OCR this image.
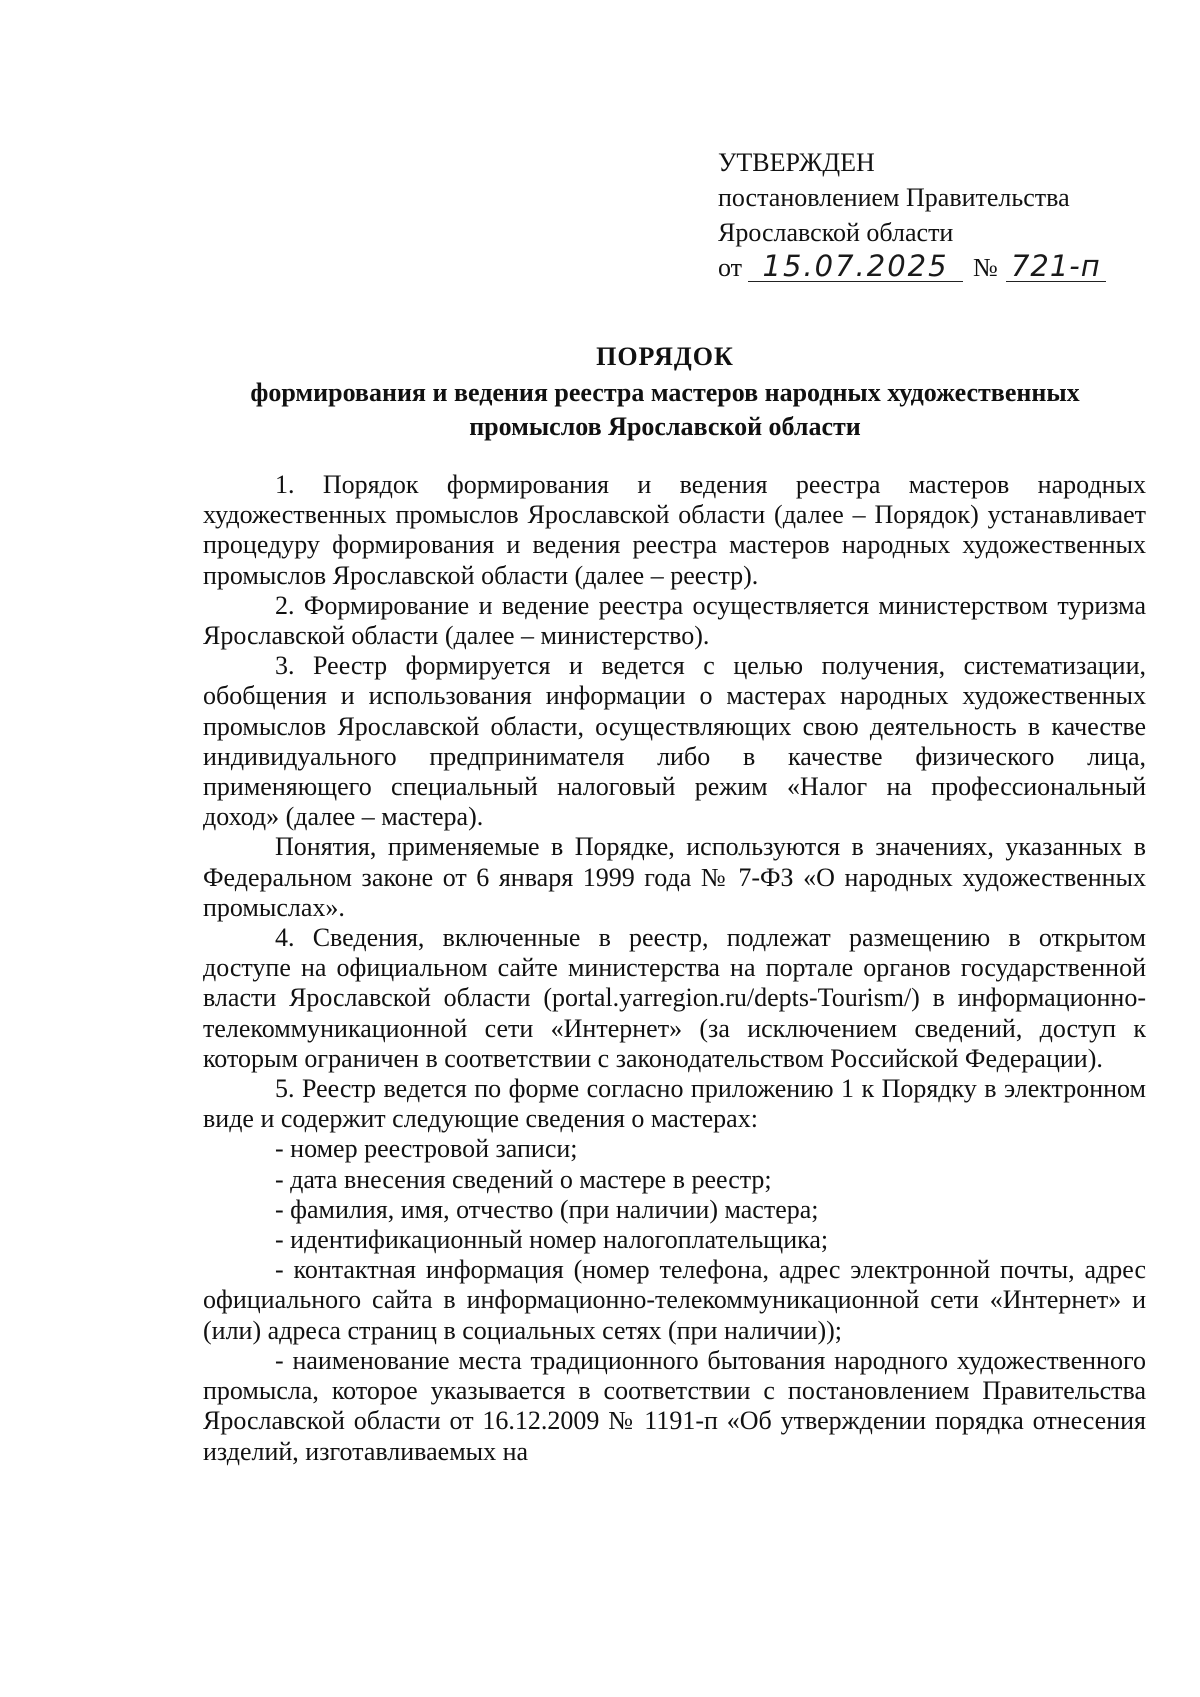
УТВЕРЖДЕН
постановлением Правительства
Ярославской области
от 15.07.2025 № 721-п
ПОРЯДОК
формирования и ведения реестра мастеров народных художественных промыслов Ярославской области

1. Порядок формирования и ведения реестра мастеров народных художественных промыслов Ярославской области (далее – Порядок) устанавливает процедуру формирования и ведения реестра мастеров народных художественных промыслов Ярославской области (далее – реестр).

2. Формирование и ведение реестра осуществляется министерством туризма Ярославской области (далее – министерство).

3. Реестр формируется и ведется с целью получения, систематизации, обобщения и использования информации о мастерах народных художественных промыслов Ярославской области, осуществляющих свою деятельность в качестве индивидуального предпринимателя либо в качестве физического лица, применяющего специальный налоговый режим «Налог на профессиональный доход» (далее – мастера).

Понятия, применяемые в Порядке, используются в значениях, указанных в Федеральном законе от 6 января 1999 года № 7-ФЗ «О народных художественных промыслах».

4. Сведения, включенные в реестр, подлежат размещению в открытом доступе на официальном сайте министерства на портале органов государственной власти Ярославской области (portal.yarregion.ru/depts-Tourism/) в информационно-телекоммуникационной сети «Интернет» (за исключением сведений, доступ к которым ограничен в соответствии с законодательством Российской Федерации).

5. Реестр ведется по форме согласно приложению 1 к Порядку в электронном виде и содержит следующие сведения о мастерах:

- номер реестровой записи;

- дата внесения сведений о мастере в реестр;

- фамилия, имя, отчество (при наличии) мастера;

- идентификационный номер налогоплательщика;

- контактная информация (номер телефона, адрес электронной почты, адрес официального сайта в информационно-телекоммуникационной сети «Интернет» и (или) адреса страниц в социальных сетях (при наличии));

- наименование места традиционного бытования народного художественного промысла, которое указывается в соответствии с постановлением Правительства Ярославской области от 16.12.2009 № 1191-п «Об утверждении порядка отнесения изделий, изготавливаемых на
